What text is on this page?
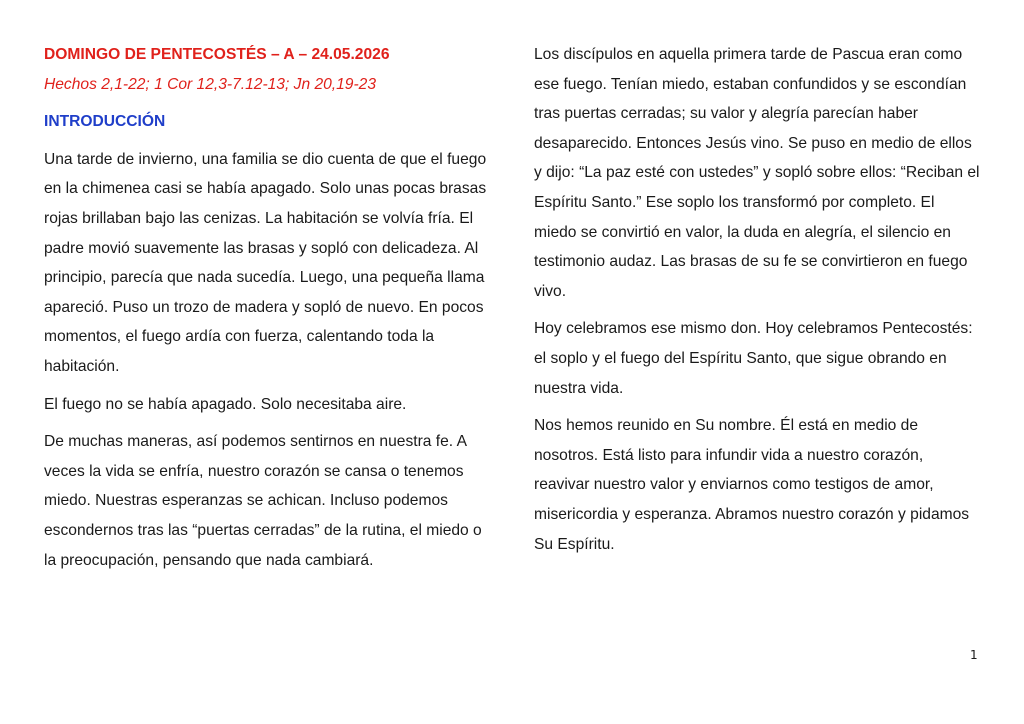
DOMINGO DE PENTECOSTÉS – A – 24.05.2026
Hechos 2,1-22; 1 Cor 12,3-7.12-13; Jn 20,19-23
INTRODUCCIÓN

Una tarde de invierno, una familia se dio cuenta de que el fuego en la chimenea casi se había apagado. Solo unas pocas brasas rojas brillaban bajo las cenizas. La habitación se volvía fría. El padre movió suavemente las brasas y sopló con delicadeza. Al principio, parecía que nada sucedía. Luego, una pequeña llama apareció. Puso un trozo de madera y sopló de nuevo. En pocos momentos, el fuego ardía con fuerza, calentando toda la habitación.

El fuego no se había apagado. Solo necesitaba aire.

De muchas maneras, así podemos sentirnos en nuestra fe. A veces la vida se enfría, nuestro corazón se cansa o tenemos miedo. Nuestras esperanzas se achican. Incluso podemos escondernos tras las “puertas cerradas” de la rutina, el miedo o la preocupación, pensando que nada cambiará.

Los discípulos en aquella primera tarde de Pascua eran como ese fuego. Tenían miedo, estaban confundidos y se escondían tras puertas cerradas; su valor y alegría parecían haber desaparecido. Entonces Jesús vino. Se puso en medio de ellos y dijo: “La paz esté con ustedes” y sopló sobre ellos: “Reciban el Espíritu Santo.” Ese soplo los transformó por completo. El miedo se convirtió en valor, la duda en alegría, el silencio en testimonio audaz. Las brasas de su fe se convirtieron en fuego vivo.

Hoy celebramos ese mismo don. Hoy celebramos Pentecostés: el soplo y el fuego del Espíritu Santo, que sigue obrando en nuestra vida.

Nos hemos reunido en Su nombre. Él está en medio de nosotros. Está listo para infundir vida a nuestro corazón, reavivar nuestro valor y enviarnos como testigos de amor, misericordia y esperanza. Abramos nuestro corazón y pidamos Su Espíritu.

1
